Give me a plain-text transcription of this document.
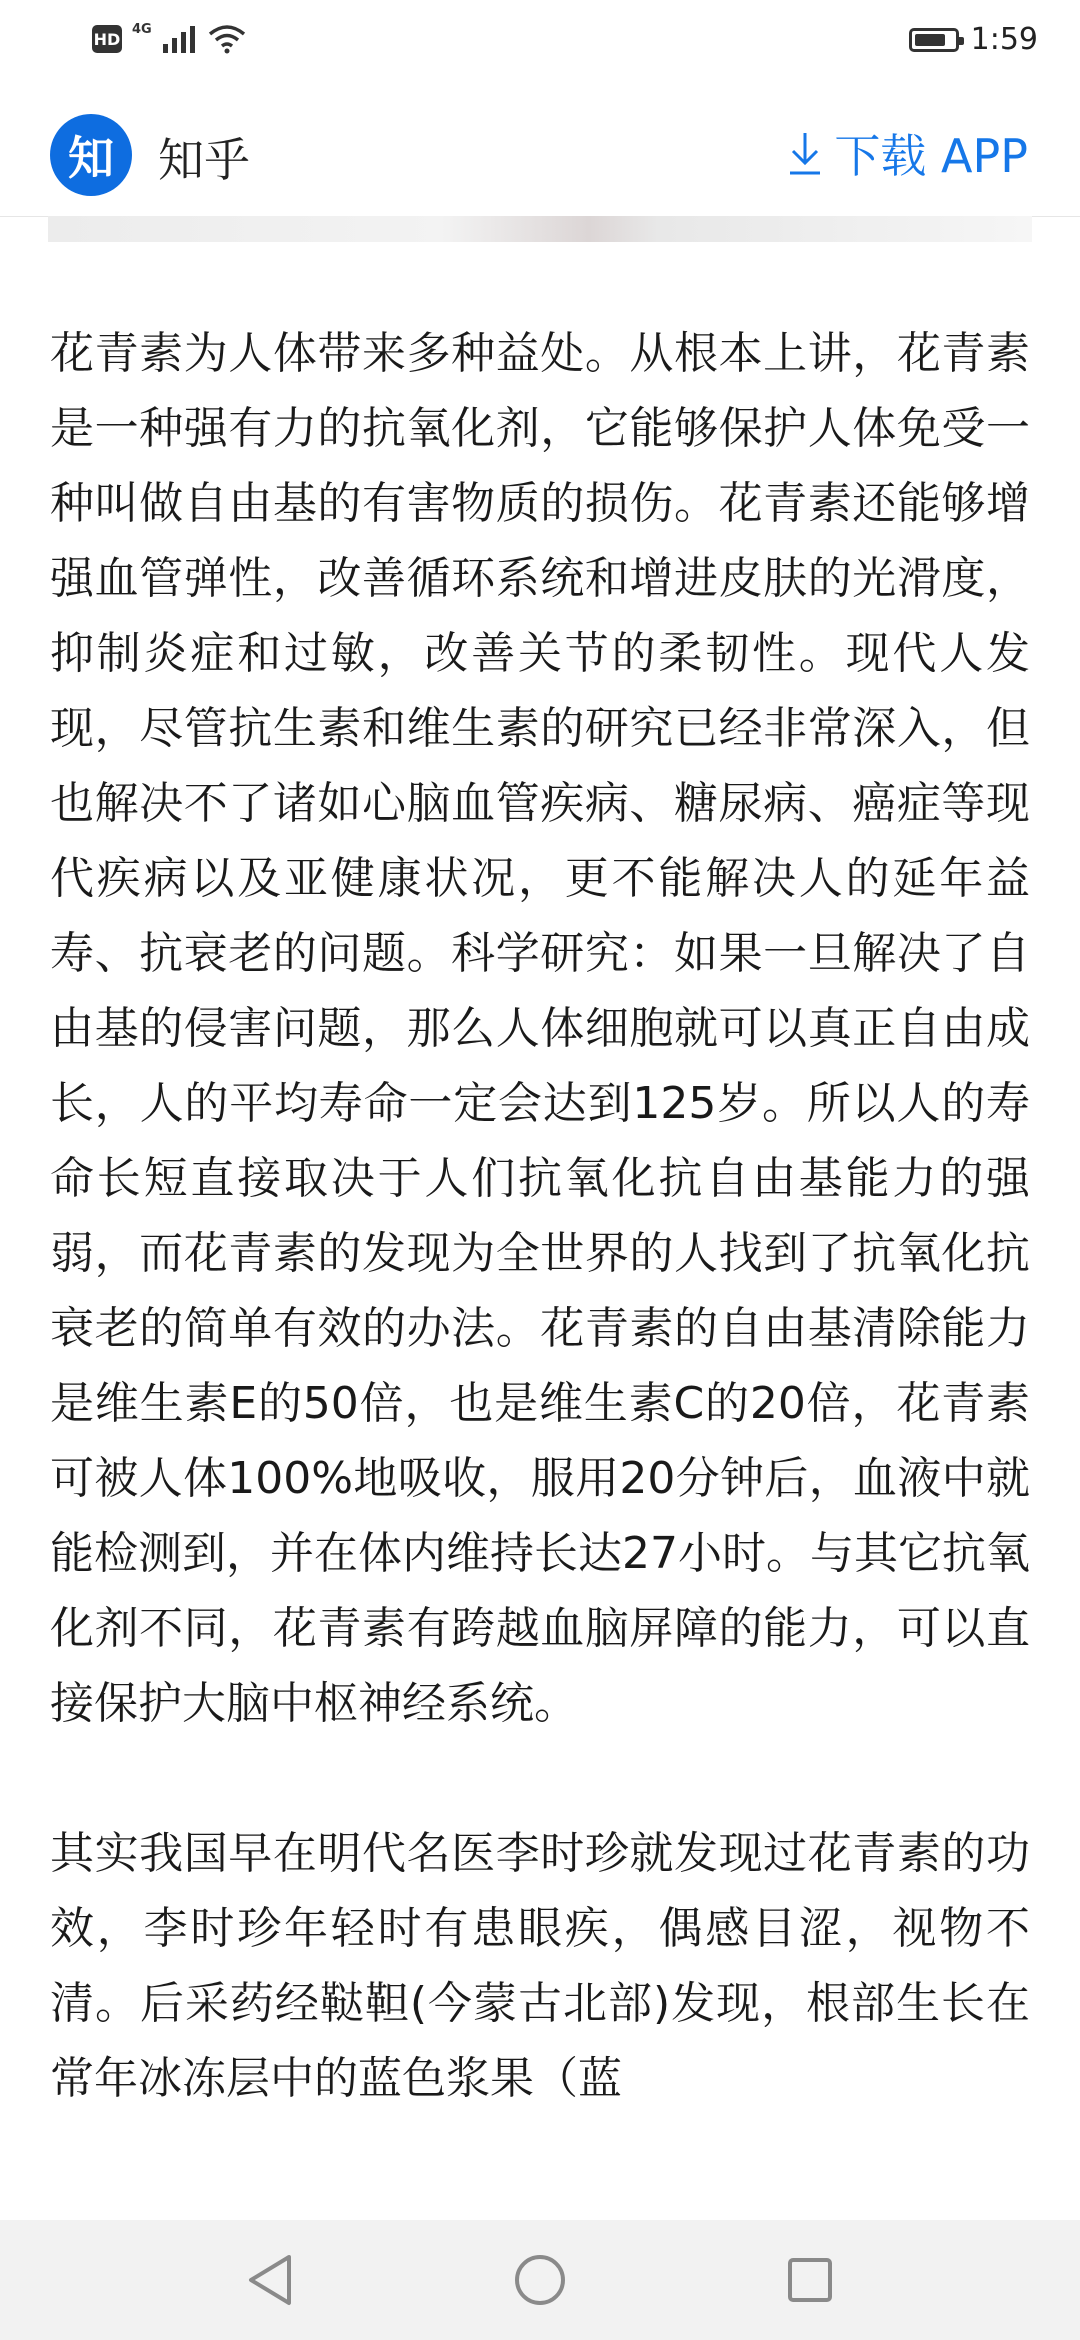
HD
4G	1:59
知 知乎	下载 APP

花青素为人体带来多种益处。从根本上讲，花青素是一种强有力的抗氧化剂，它能够保护人体免受一种叫做自由基的有害物质的损伤。花青素还能够增强血管弹性，改善循环系统和增进皮肤的光滑度，抑制炎症和过敏，改善关节的柔韧性。现代人发现，尽管抗生素和维生素的研究已经非常深入，但也解决不了诸如心脑血管疾病、糖尿病、癌症等现代疾病以及亚健康状况，更不能解决人的延年益寿、抗衰老的问题。科学研究：如果一旦解决了自由基的侵害问题，那么人体细胞就可以真正自由成长，人的平均寿命一定会达到125岁。所以人的寿命长短直接取决于人们抗氧化抗自由基能力的强弱，而花青素的发现为全世界的人找到了抗氧化抗衰老的简单有效的办法。花青素的自由基清除能力是维生素E的50倍，也是维生素C的20倍，花青素可被人体100%地吸收，服用20分钟后，血液中就能检测到，并在体内维持长达27小时。与其它抗氧化剂不同，花青素有跨越血脑屏障的能力，可以直接保护大脑中枢神经系统。

其实我国早在明代名医李时珍就发现过花青素的功效，李时珍年轻时有患眼疾，偶感目涩，视物不清。后采药经鞑靼(今蒙古北部)发现，根部生长在常年冰冻层中的蓝色浆果（蓝
